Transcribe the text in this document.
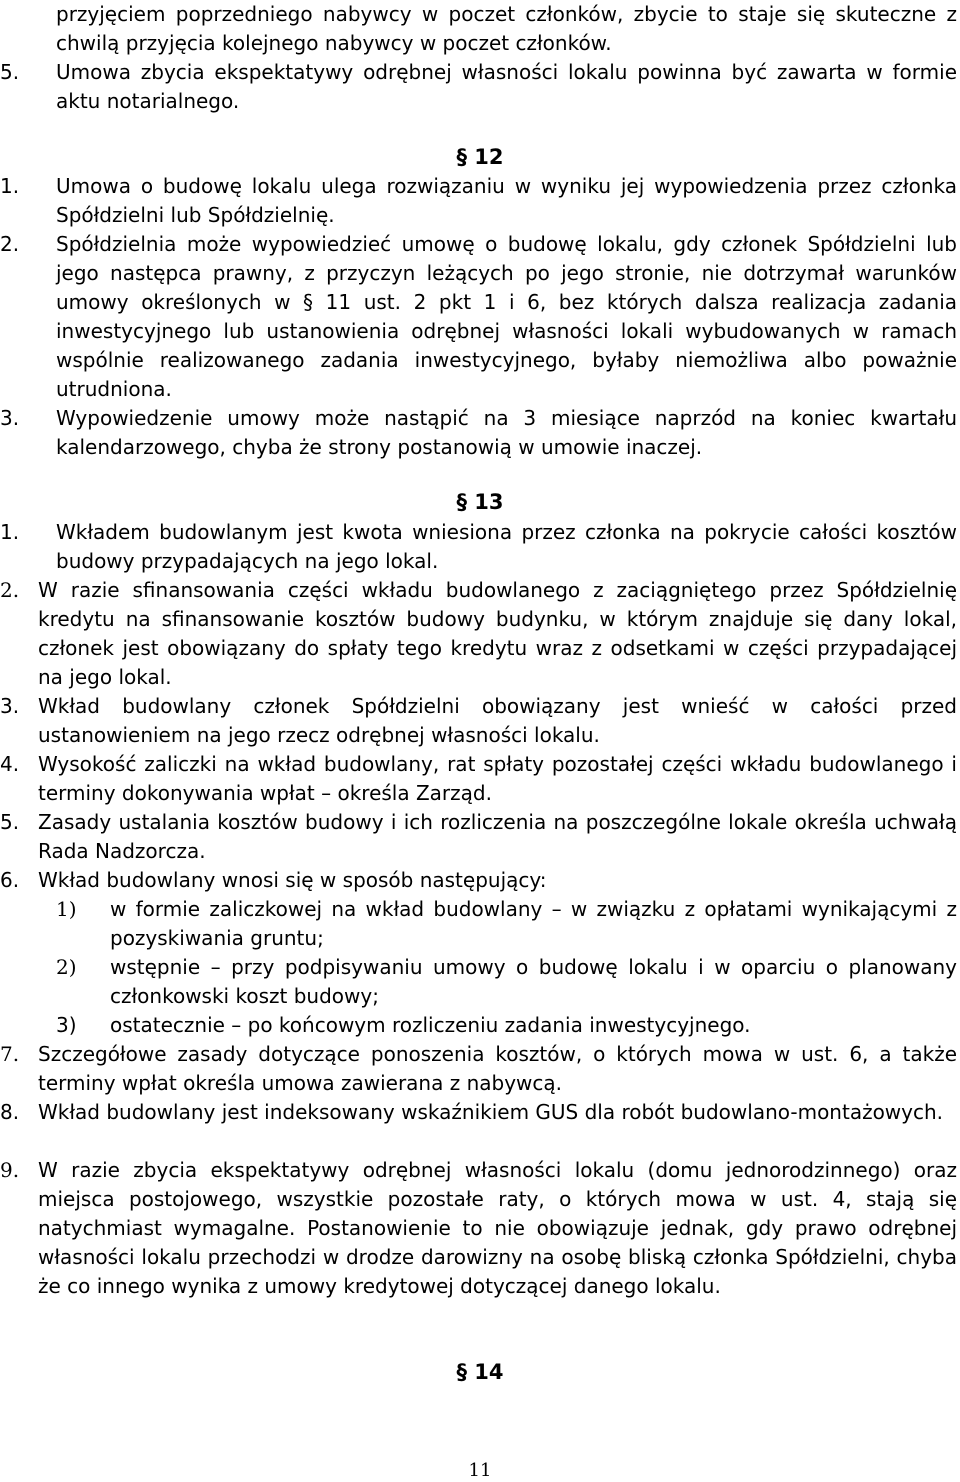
przyjęciem poprzedniego nabywcy w poczet członków, zbycie to staje się skuteczne z chwilą przyjęcia kolejnego nabywcy w poczet członków.
5. Umowa zbycia ekspektatywy odrębnej własności lokalu powinna być zawarta w formie aktu notarialnego.
§ 12
1. Umowa o budowę lokalu ulega rozwiązaniu w wyniku jej wypowiedzenia przez członka Spółdzielni lub Spółdzielnię.
2. Spółdzielnia może wypowiedzieć umowę o budowę lokalu, gdy członek Spółdzielni lub jego następca prawny, z przyczyn leżących po jego stronie, nie dotrzymał warunków umowy określonych w § 11 ust. 2 pkt 1 i 6, bez których dalsza realizacja zadania inwestycyjnego lub ustanowienia odrębnej własności lokali wybudowanych w ramach wspólnie realizowanego zadania inwestycyjnego, byłaby niemożliwa albo poważnie utrudniona.
3. Wypowiedzenie umowy może nastąpić na 3 miesiące naprzód na koniec kwartału kalendarzowego, chyba że strony postanowią w umowie inaczej.
§ 13
1. Wkładem budowlanym jest kwota wniesiona przez członka na pokrycie całości kosztów budowy przypadających na jego lokal.
2. W razie sfinansowania części wkładu budowlanego z zaciągniętego przez Spółdzielnię kredytu na sfinansowanie kosztów budowy budynku, w którym znajduje się dany lokal, członek jest obowiązany do spłaty tego kredytu wraz z odsetkami w części przypadającej na jego lokal.
3. Wkład budowlany członek Spółdzielni obowiązany jest wnieść w całości przed ustanowieniem na jego rzecz odrębnej własności lokalu.
4. Wysokość zaliczki na wkład budowlany, rat spłaty pozostałej części wkładu budowlanego i terminy dokonywania wpłat – określa Zarząd.
5. Zasady ustalania kosztów budowy i ich rozliczenia na poszczególne lokale określa uchwałą Rada Nadzorcza.
6. Wkład budowlany wnosi się w sposób następujący:
1) w formie zaliczkowej na wkład budowlany – w związku z opłatami wynikającymi z pozyskiwania gruntu;
2) wstępnie – przy podpisywaniu umowy o budowę lokalu i w oparciu o planowany członkowski koszt budowy;
3) ostatecznie – po końcowym rozliczeniu zadania inwestycyjnego.
7. Szczegółowe zasady dotyczące ponoszenia kosztów, o których mowa w ust. 6, a także terminy wpłat określa umowa zawierana z nabywcą.
8. Wkład budowlany jest indeksowany wskaźnikiem GUS dla robót budowlano-montażowych.
9. W razie zbycia ekspektatywy odrębnej własności lokalu (domu jednorodzinnego) oraz miejsca postojowego, wszystkie pozostałe raty, o których mowa w ust. 4, stają się natychmiast wymagalne. Postanowienie to nie obowiązuje jednak, gdy prawo odrębnej własności lokalu przechodzi w drodze darowizny na osobę bliską członka Spółdzielni, chyba że co innego wynika z umowy kredytowej dotyczącej danego lokalu.
§ 14
11
